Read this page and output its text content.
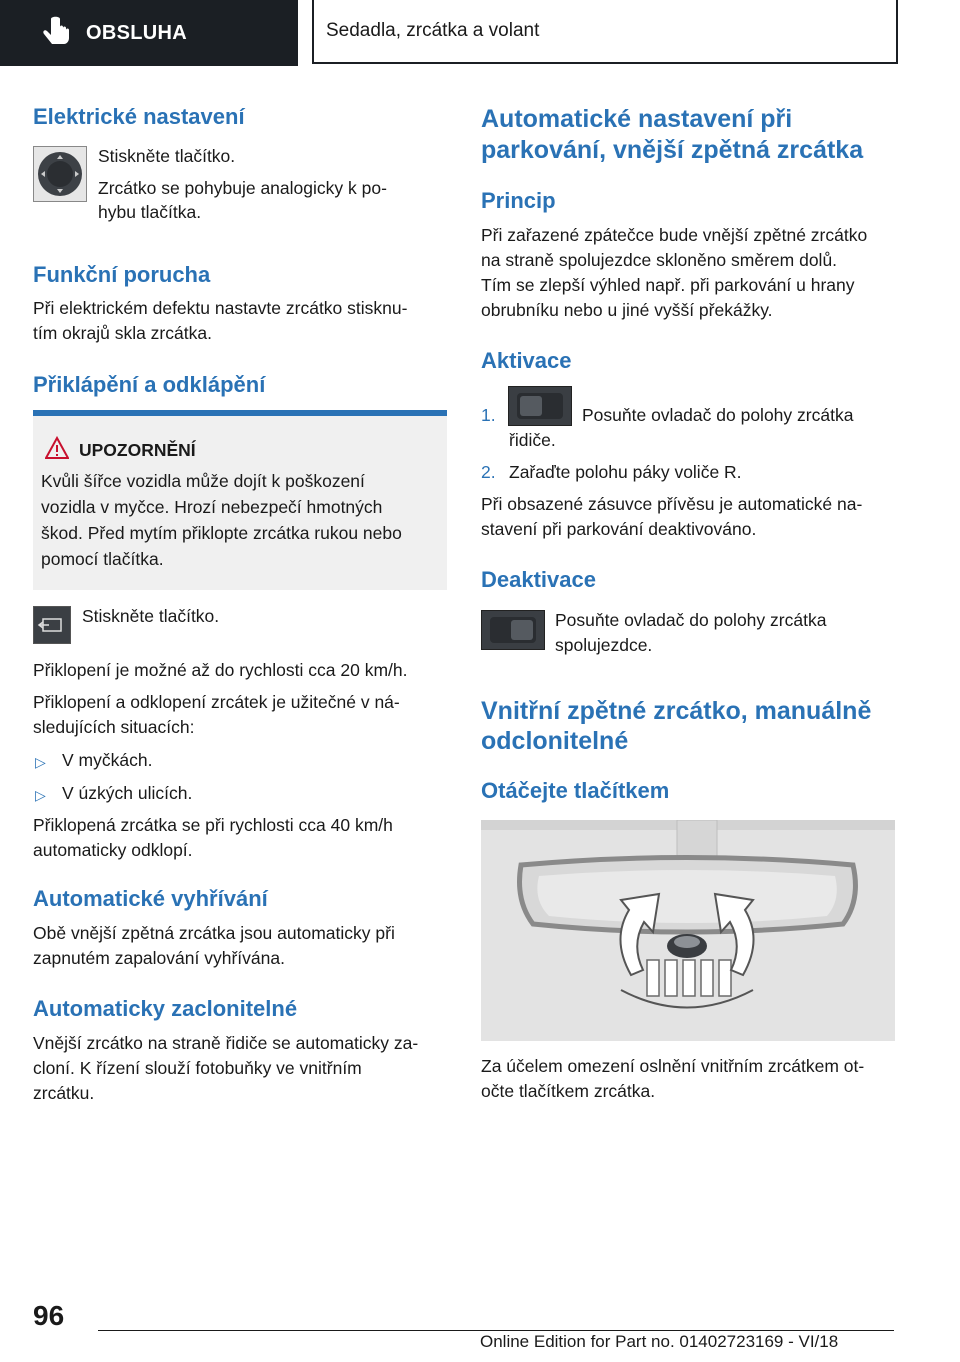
OBSLUHA	Sedadla, zrcátka a volant
Elektrické nastavení

Stiskněte tlačítko.

Zrcátko se pohybuje analogicky k po‐

hybu tlačítka.

Funkční porucha

Při elektrickém defektu nastavte zrcátko stisknu‐

tím okrajů skla zrcátka.

Přiklápění a odklápění
UPOZORNĚNÍ
Kvůli šířce vozidla může dojít k poškození
vozidla v myčce. Hrozí nebezpečí hmotných
škod. Před mytím přiklopte zrcátka rukou nebo
pomocí tlačítka.

Stiskněte tlačítko.

Přiklopení je možné až do rychlosti cca 20 km/h.

Přiklopení a odklopení zrcátek je užitečné v ná‐

sledujících situacích:

▷ V myčkách.

▷ V úzkých ulicích.

Přiklopená zrcátka se při rychlosti cca 40 km/h

automaticky odklopí.

Automatické vyhřívání

Obě vnější zpětná zrcátka jsou automaticky při

zapnutém zapalování vyhřívána.

Automaticky zaclonitelné

Vnější zrcátko na straně řidiče se automaticky za‐

cloní. K řízení slouží fotobuňky ve vnitřním

zrcátku.

Automatické nastavení při
parkování, vnější zpětná zrcátka
Princip

Při zařazené zpátečce bude vnější zpětné zrcátko

na straně spolujezdce skloněno směrem dolů.

Tím se zlepší výhled např. při parkování u hrany

obrubníku nebo u jiné vyšší překážky.

Aktivace
1.	Posuňte ovladač do polohy zrcátka

řidiče.

2. Zařaďte polohu páky voliče R.

Při obsazené zásuvce přívěsu je automatické na‐

stavení při parkování deaktivováno.

Deaktivace

Posuňte ovladač do polohy zrcátka

spolujezdce.

Vnitřní zpětné zrcátko, manuálně
odclonitelné
Otáčejte tlačítkem

Za účelem omezení oslnění vnitřním zrcátkem ot‐

očte tlačítkem zrcátka.

96
Online Edition for Part no. 01402723169 - VI/18
